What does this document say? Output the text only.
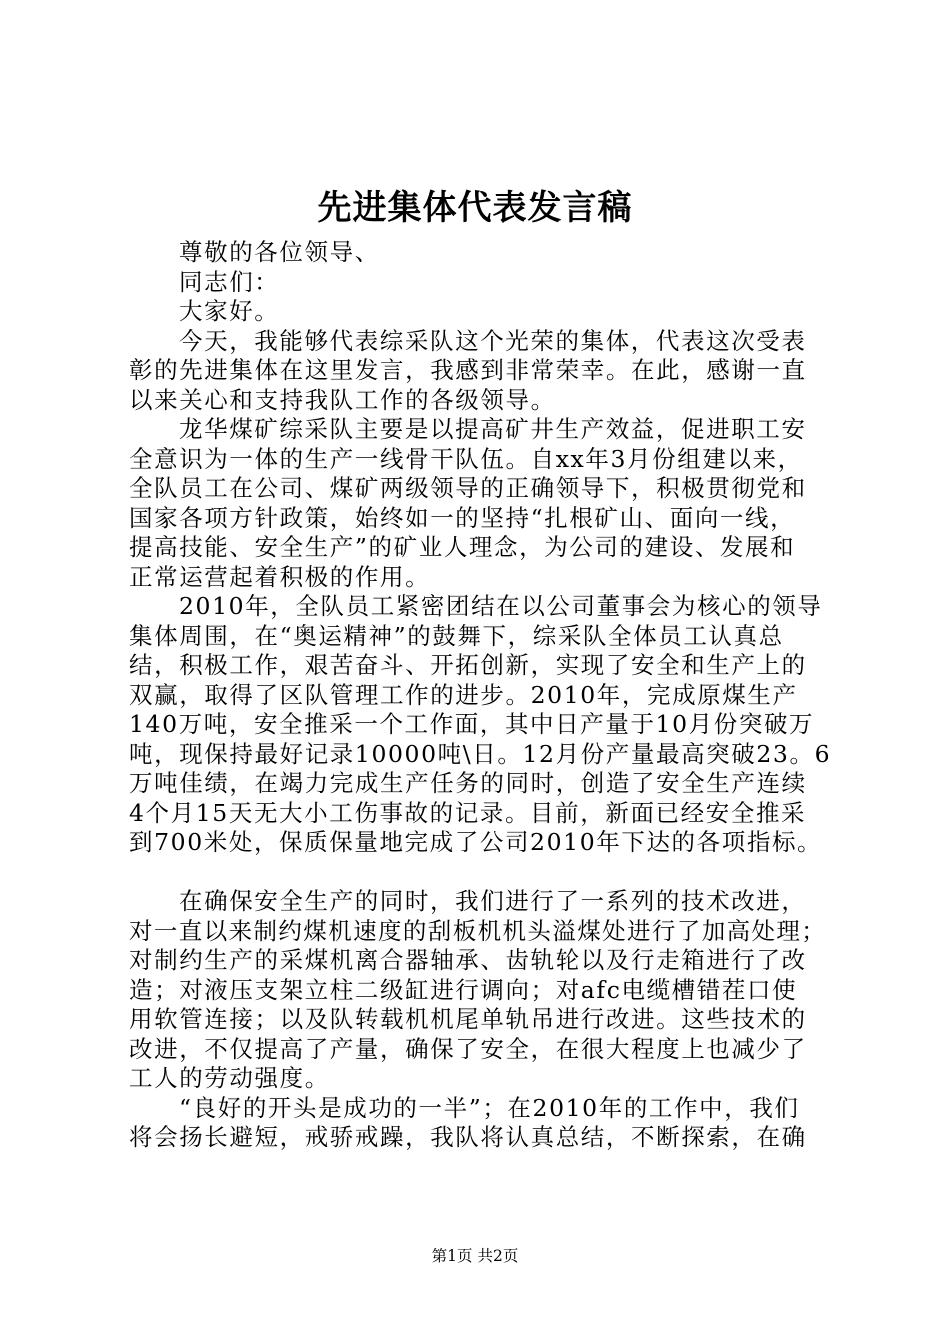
先进集体代表发言稿
尊敬的各位领导、
同志们：
大家好。
今天，我能够代表综采队这个光荣的集体，代表这次受表
彰的先进集体在这里发言，我感到非常荣幸。在此，感谢一直
以来关心和支持我队工作的各级领导。
龙华煤矿综采队主要是以提高矿井生产效益，促进职工安
全意识为一体的生产一线骨干队伍。自xx年3月份组建以来，
全队员工在公司、煤矿两级领导的正确领导下，积极贯彻党和
国家各项方针政策，始终如一的坚持“扎根矿山、面向一线，
提高技能、安全生产”的矿业人理念，为公司的建设、发展和
正常运营起着积极的作用。
2010年，全队员工紧密团结在以公司董事会为核心的领导
集体周围，在“奥运精神”的鼓舞下，综采队全体员工认真总
结，积极工作，艰苦奋斗、开拓创新，实现了安全和生产上的
双赢，取得了区队管理工作的进步。2010年，完成原煤生产
140万吨，安全推采一个工作面，其中日产量于10月份突破万
吨，现保持最好记录10000吨\日。12月份产量最高突破23。6
万吨佳绩，在竭力完成生产任务的同时，创造了安全生产连续
4个月15天无大小工伤事故的记录。目前，新面已经安全推采
到700米处，保质保量地完成了公司2010年下达的各项指标。
在确保安全生产的同时，我们进行了一系列的技术改进，
对一直以来制约煤机速度的刮板机机头溢煤处进行了加高处理；
对制约生产的采煤机离合器轴承、齿轨轮以及行走箱进行了改
造；对液压支架立柱二级缸进行调向；对afc电缆槽错茬口使
用软管连接；以及队转载机机尾单轨吊进行改进。这些技术的
改进，不仅提高了产量，确保了安全，在很大程度上也减少了
工人的劳动强度。
“良好的开头是成功的一半”；在2010年的工作中，我们
将会扬长避短，戒骄戒躁，我队将认真总结，不断探索，在确
第1页 共2页
